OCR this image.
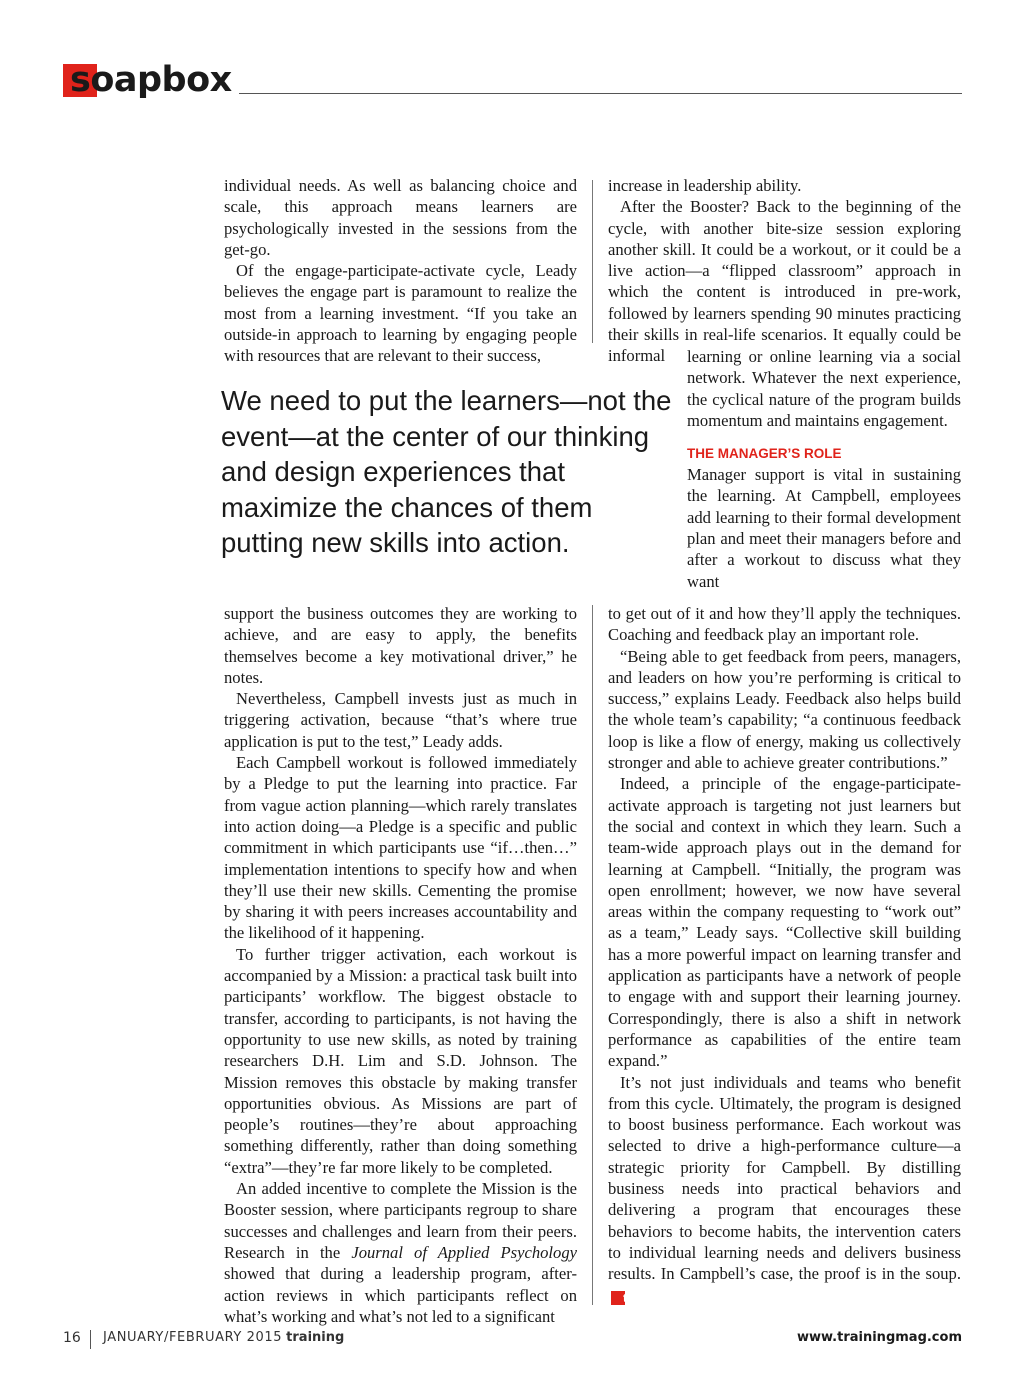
soapbox

individual needs. As well as balancing choice and scale, this approach means learners are psychologically invested in the sessions from the get-go.

Of the engage-participate-activate cycle, Leady believes the engage part is paramount to realize the most from a learning investment. “If you take an outside-in approach to learning by engaging people with resources that are relevant to their success,

We need to put the learners—not the event—at the center of our thinking and design experiences that maximize the chances of them putting new skills into action.

support the business outcomes they are working to achieve, and are easy to apply, the benefits themselves become a key motivational driver,” he notes.

Nevertheless, Campbell invests just as much in triggering activation, because “that’s where true application is put to the test,” Leady adds.

Each Campbell workout is followed immediately by a Pledge to put the learning into practice. Far from vague action planning—which rarely translates into action doing—a Pledge is a specific and public commitment in which participants use “if…then…” implementation intentions to specify how and when they’ll use their new skills. Cementing the promise by sharing it with peers increases accountability and the likelihood of it happening.

To further trigger activation, each workout is accompanied by a Mission: a practical task built into participants’ workflow. The biggest obstacle to transfer, according to participants, is not having the opportunity to use new skills, as noted by training researchers D.H. Lim and S.D. Johnson. The Mission removes this obstacle by making transfer opportunities obvious. As Missions are part of people’s routines—they’re about approaching something differently, rather than doing something “extra”—they’re far more likely to be completed.

An added incentive to complete the Mission is the Booster session, where participants regroup to share successes and challenges and learn from their peers. Research in the Journal of Applied Psychology showed that during a leadership program, after-action reviews in which participants reflect on what’s working and what’s not led to a significant

increase in leadership ability.

After the Booster? Back to the beginning of the cycle, with another bite-size session exploring another skill. It could be a workout, or it could be a live action—a “flipped classroom” approach in which the content is introduced in pre-work, followed by learners spending 90 minutes practicing their skills in real-life scenarios. It equally could be informal	learning or online learning via a social network. Whatever the next experience, the cyclical nature of the program builds momentum and maintains engagement.

THE MANAGER’S ROLE

Manager support is vital in sustaining the learning. At Campbell, employees add learning to their formal development plan and meet their managers before and after a workout to discuss what they want

to get out of it and how they’ll apply the techniques. Coaching and feedback play an important role.

“Being able to get feedback from peers, managers, and leaders on how you’re performing is critical to success,” explains Leady. Feedback also helps build the whole team’s capability; “a continuous feedback loop is like a flow of energy, making us collectively stronger and able to achieve greater contributions.”

Indeed, a principle of the engage-participate-activate approach is targeting not just learners but the social and context in which they learn. Such a team-wide approach plays out in the demand for learning at Campbell. “Initially, the program was open enrollment; however, we now have several areas within the company requesting to “work out” as a team,” Leady says. “Collective skill building has a more powerful impact on learning transfer and application as participants have a network of people to engage with and support their learning journey. Correspondingly, there is also a shift in network performance as capabilities of the entire team expand.”

It’s not just individuals and teams who benefit from this cycle. Ultimately, the program is designed to boost business performance. Each workout was selected to drive a high-performance culture—a strategic priority for Campbell. By distilling business needs into practical behaviors and delivering a program that encourages these behaviors to become habits, the intervention caters to individual learning needs and delivers business results. In Campbell’s case, the proof is in the soup.t

16 JANUARY/FEBRUARY 2015 training	www.trainingmag.com
